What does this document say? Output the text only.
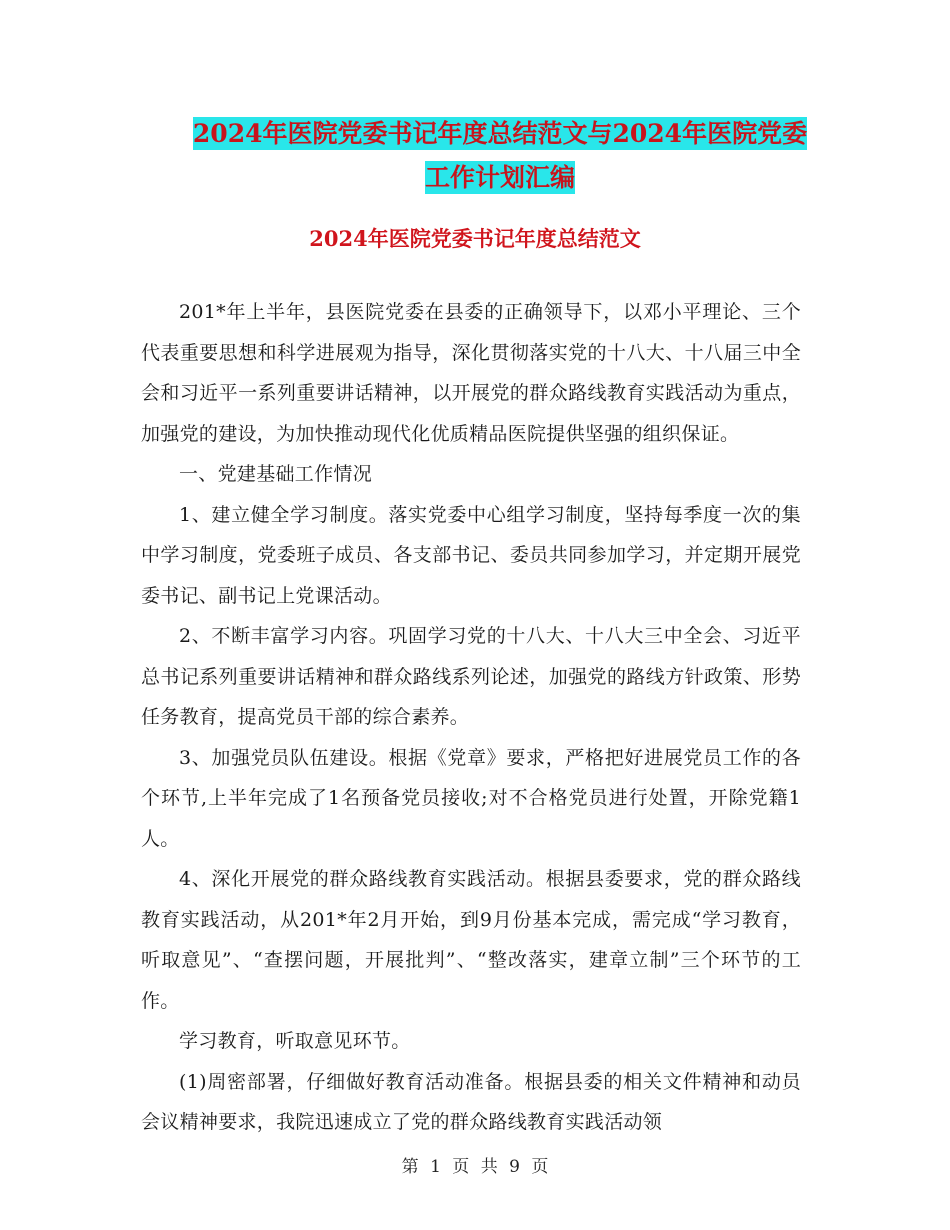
2024年医院党委书记年度总结范文与2024年医院党委
工作计划汇编
2024年医院党委书记年度总结范文

201*年上半年，县医院党委在县委的正确领导下，以邓小平理论、三个代表重要思想和科学进展观为指导，深化贯彻落实党的十八大、十八届三中全会和习近平一系列重要讲话精神，以开展党的群众路线教育实践活动为重点，加强党的建设，为加快推动现代化优质精品医院提供坚强的组织保证。

一、党建基础工作情况

1、建立健全学习制度。落实党委中心组学习制度，坚持每季度一次的集中学习制度，党委班子成员、各支部书记、委员共同参加学习，并定期开展党委书记、副书记上党课活动。

2、不断丰富学习内容。巩固学习党的十八大、十八大三中全会、习近平总书记系列重要讲话精神和群众路线系列论述，加强党的路线方针政策、形势任务教育，提高党员干部的综合素养。

3、加强党员队伍建设。根据《党章》要求，严格把好进展党员工作的各个环节,上半年完成了1名预备党员接收;对不合格党员进行处置，开除党籍1人。

4、深化开展党的群众路线教育实践活动。根据县委要求，党的群众路线教育实践活动，从201*年2月开始，到9月份基本完成，需完成“学习教育，听取意见”、“查摆问题，开展批判”、“整改落实，建章立制”三个环节的工作。

学习教育，听取意见环节。

(1)周密部署，仔细做好教育活动准备。根据县委的相关文件精神和动员会议精神要求，我院迅速成立了党的群众路线教育实践活动领

第 1 页 共 9 页
